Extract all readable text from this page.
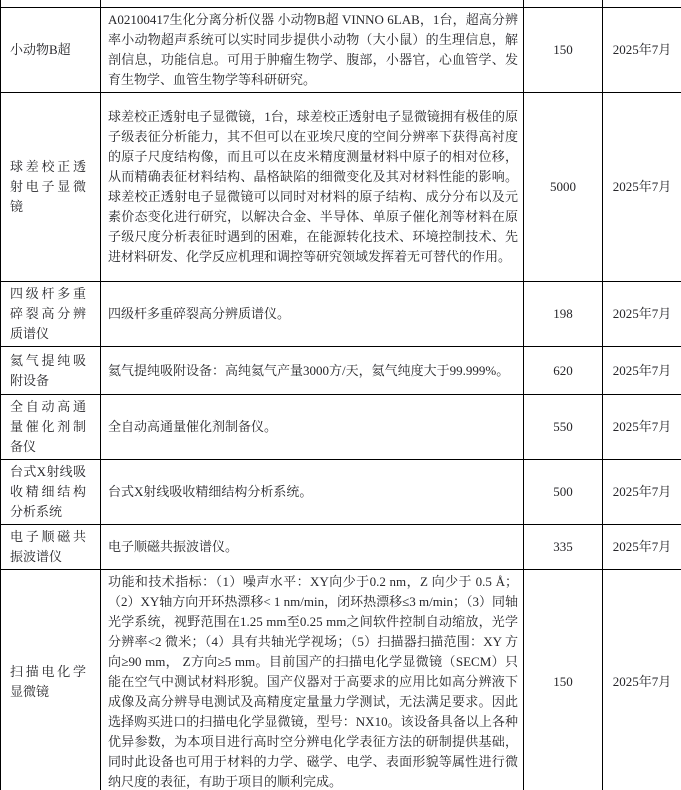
小动物B超	A02100417生化分离分析仪器 小动物B超 VINNO 6LAB，1台，超高分辨率小动物超声系统可以实时同步提供小动物（大小鼠）的生理信息，解剖信息，功能信息。可用于肿瘤生物学、腹部，小器官，心血管学、发育生物学、血管生物学等科研研究。	150	2025年7月
球差校正透射电子显微镜	球差校正透射电子显微镜，1台，球差校正透射电子显微镜拥有极佳的原子级表征分析能力，其不但可以在亚埃尺度的空间分辨率下获得高衬度的原子尺度结构像，而且可以在皮米精度测量材料中原子的相对位移，从而精确表征材料结构、晶格缺陷的细微变化及其对材料性能的影响。球差校正透射电子显微镜可以同时对材料的原子结构、成分分布以及元素价态变化进行研究，以解决合金、半导体、单原子催化剂等材料在原子级尺度分析表征时遇到的困难，在能源转化技术、环境控制技术、先进材料研发、化学反应机理和调控等研究领域发挥着无可替代的作用。	5000	2025年7月
四级杆多重碎裂高分辨质谱仪	四级杆多重碎裂高分辨质谱仪。	198	2025年7月
氦气提纯吸附设备	氦气提纯吸附设备：高纯氦气产量3000方/天，氦气纯度大于99.999%。	620	2025年7月
全自动高通量催化剂制备仪	全自动高通量催化剂制备仪。	550	2025年7月
台式X射线吸收精细结构分析系统	台式X射线吸收精细结构分析系统。	500	2025年7月
电子顺磁共振波谱仪	电子顺磁共振波谱仪。	335	2025年7月
扫描电化学显微镜	功能和技术指标：（1）噪声水平：XY向少于0.2 nm，Z 向少于 0.5 Å；（2）XY轴方向开环热漂移< 1 nm/min，闭环热漂移≤3 m/min；（3）同轴光学系统，视野范围在1.25 mm至0.25 mm之间软件控制自动缩放，光学分辨率<2 微米；（4）具有共轴光学视场；（5）扫描器扫描范围：XY 方向≥90 mm， Z方向≥5 mm。目前国产的扫描电化学显微镜（SECM）只能在空气中测试材料形貌。国产仪器对于高要求的应用比如高分辨液下成像及高分辨导电测试及高精度定量量力学测试，无法满足要求。因此选择购买进口的扫描电化学显微镜，型号：NX10。该设备具备以上各种优异参数，为本项目进行高时空分辨电化学表征方法的研制提供基础，同时此设备也可用于材料的力学、磁学、电学、表面形貌等属性进行微纳尺度的表征，有助于项目的顺利完成。	150	2025年7月
